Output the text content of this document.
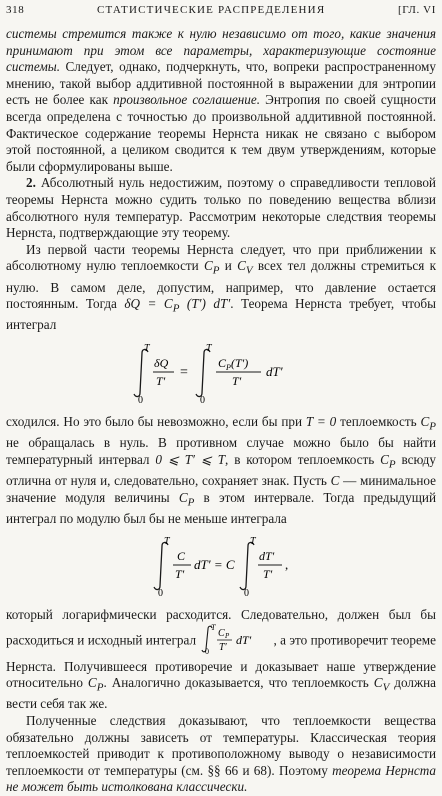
318	СТАТИСТИЧЕСКИЕ РАСПРЕДЕЛЕНИЯ	[ГЛ. VI

системы стремится также к нулю независимо от того, какие значения принимают при этом все параметры, характеризующие состояние системы. Следует, однако, подчеркнуть, что, вопреки распространенному мнению, такой выбор аддитивной постоянной в выражении для энтропии есть не более как произвольное соглашение. Энтропия по своей сущности всегда определена с точностью до произвольной аддитивной постоянной. Фактическое содержание теоремы Нернста никак не связано с выбором этой постоянной, а целиком сводится к тем двум утверждениям, которые были сформулированы выше.

2. Абсолютный нуль недостижим, поэтому о справедливости тепловой теоремы Нернста можно судить только по поведению вещества вблизи абсолютного нуля температур. Рассмотрим некоторые следствия теоремы Нернста, подтверждающие эту теорему.

Из первой части теоремы Нернста следует, что при приближении к абсолютному нулю теплоемкости $C_P$ и $C_V$ всех тел должны стремиться к нулю. В самом деле, допустим, например, что давление остается постоянным. Тогда $\delta Q = C_P$ (T′) dT′. Теорема Нернста требует, чтобы интеграл

T
0
δQ
T′
=
T
0
C P (T′)
T′
dT′

сходился. Но это было бы невозможно, если бы при T = 0 теплоемкость $C_P$ не обращалась в нуль. В противном случае можно было бы найти температурный интервал 0 ⩽ T′ ⩽ T, в котором теплоемкость $C_P$ всюду отлична от нуля и, следовательно, сохраняет знак. Пусть C — минимальное значение модуля величины $C_P$ в этом интервале. Тогда предыдущий интеграл по модулю был бы не меньше интеграла

T
0
C
T′
dT′ = C
T
0
dT′
T′
,

который логарифмически расходится. Следовательно, должен был бы расходиться и исходный интеграл
T
0
C P
T′
dT′ , а это противоречит теореме Нернста. Получившееся противоречие и доказывает наше утверждение относительно $C_P$. Аналогично доказывается, что теплоемкость $C_V$ должна вести себя так же.

Полученные следствия доказывают, что теплоемкости вещества обязательно должны зависеть от температуры. Классическая теория теплоемкостей приводит к противоположному выводу о независимости теплоемкости от температуры (см. §§ 66 и 68). Поэтому теорема Нернста не может быть истолкована классически.
